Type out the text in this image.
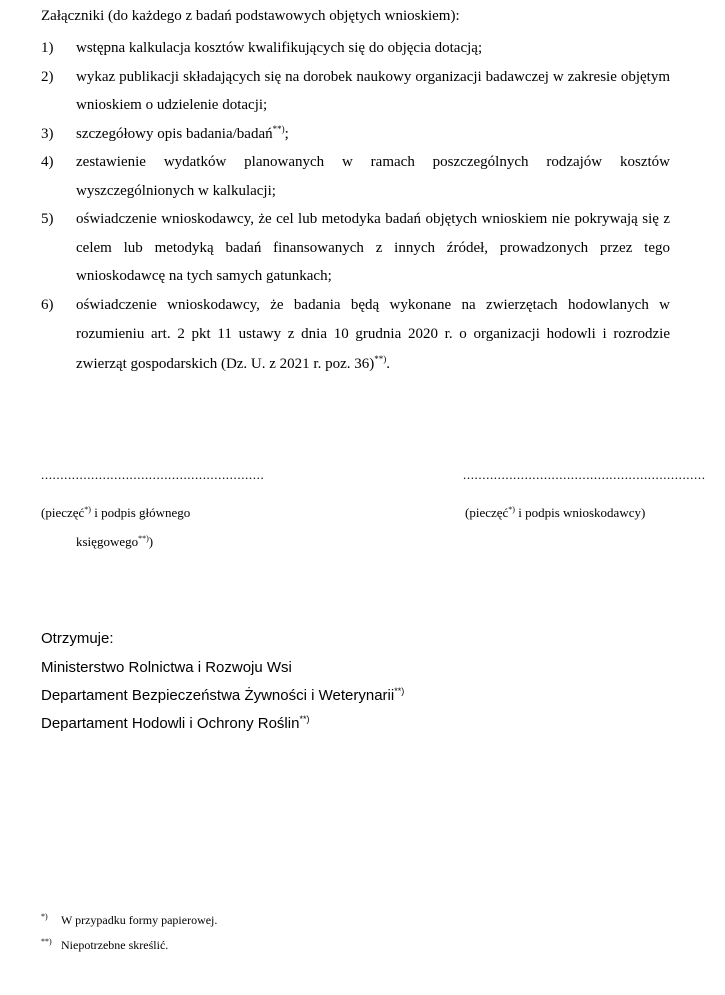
Załączniki (do każdego z badań podstawowych objętych wnioskiem):
1)	wstępna kalkulacja kosztów kwalifikujących się do objęcia dotacją;
2)	wykaz publikacji składających się na dorobek naukowy organizacji badawczej w zakresie objętym wnioskiem o udzielenie dotacji;
3)	szczegółowy opis badania/badań**);
4)	zestawienie wydatków planowanych w ramach poszczególnych rodzajów kosztów wyszczególnionych w kalkulacji;
5)	oświadczenie wnioskodawcy, że cel lub metodyka badań objętych wnioskiem nie pokrywają się z celem lub metodyką badań finansowanych z innych źródeł, prowadzonych przez tego wnioskodawcę na tych samych gatunkach;
6)	oświadczenie wnioskodawcy, że badania będą wykonane na zwierzętach hodowlanych w rozumieniu art. 2 pkt 11 ustawy z dnia 10 grudnia 2020 r. o organizacji hodowli i rozrodzie zwierząt gospodarskich (Dz. U. z 2021 r. poz. 36)**).
..........................................................	...............................................................
(pieczęć*) i podpis głównego
księgowego**))
(pieczęć*) i podpis wnioskodawcy)
Otrzymuje:
Ministerstwo Rolnictwa i Rozwoju Wsi
Departament Bezpieczeństwa Żywności i Weterynarii**)
Departament Hodowli i Ochrony Roślin**)
*) W przypadku formy papierowej.
**) Niepotrzebne skreślić.
